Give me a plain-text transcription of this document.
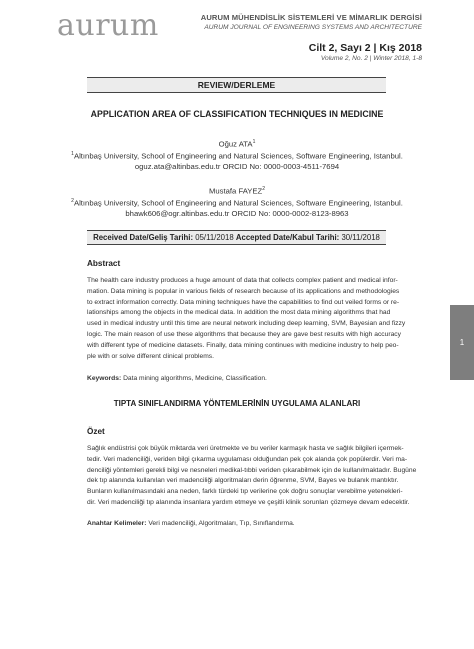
aurum	AURUM MÜHENDİSLİK SİSTEMLERİ VE MİMARLIK DERGİSİ
AURUM JOURNAL OF ENGINEERING SYSTEMS AND ARCHITECTURE
Cilt 2, Sayı 2 | Kış 2018
Volume 2, No. 2 | Winter 2018, 1-8
REVIEW/DERLEME
APPLICATION AREA OF CLASSIFICATION TECHNIQUES IN MEDICINE
Oğuz ATA$^1$
$^1$Altınbaş University, School of Engineering and Natural Sciences, Software Engineering, Istanbul.
oguz.ata@altinbas.edu.tr ORCID No: 0000-0003-4511-7694
Mustafa FAYEZ$^2$
$^2$Altınbaş University, School of Engineering and Natural Sciences, Software Engineering, Istanbul.
bhawk606@ogr.altinbas.edu.tr ORCID No: 0000-0002-8123-8963
Received Date/Geliş Tarihi: 05/11/2018 Accepted Date/Kabul Tarihi: 30/11/2018
1
Abstract
The health care industry produces a huge amount of data that collects complex patient and medical infor-
mation. Data mining is popular in various fields of research because of its applications and methodologies
to extract information correctly. Data mining techniques have the capabilities to find out veiled forms or re-
lationships among the objects in the medical data. In addition the most data mining algorithms that had
used in medical industry until this time are neural network including deep learning, SVM, Bayesian and fizzy
logic. The main reason of use these algorithms that because they are gave best results with high accuracy
with different type of medicine datasets. Finally, data mining continues with medicine industry to help peo-
ple with or solve different clinical problems.
Keywords: Data mining algorithms, Medicine, Classification.
TIPTA SINIFLANDIRMA YÖNTEMLERİNİN UYGULAMA ALANLARI
Özet
Sağlık endüstrisi çok büyük miktarda veri üretmekte ve bu veriler karmaşık hasta ve sağlık bilgileri içermek-
tedir. Veri madenciliği, veriden bilgi çıkarma uygulaması olduğundan pek çok alanda çok popülerdir. Veri ma-
denciliği yöntemleri gerekli bilgi ve nesneleri medikal-tıbbi veriden çıkarabilmek için de kullanılmaktadır. Bugüne
dek tıp alanında kullanılan veri madenciliği algoritmaları derin öğrenme, SVM, Bayes ve bulanık mantıktır.
Bunların kullanılmasındaki ana neden, farklı türdeki tıp verilerine çok doğru sonuçlar verebilme yetenekleri-
dir. Veri madenciliği tıp alanında insanlara yardım etmeye ve çeşitli klinik sorunları çözmeye devam edecektir.
Anahtar Kelimeler: Veri madenciliği, Algoritmaları, Tıp, Sınıflandırma.
